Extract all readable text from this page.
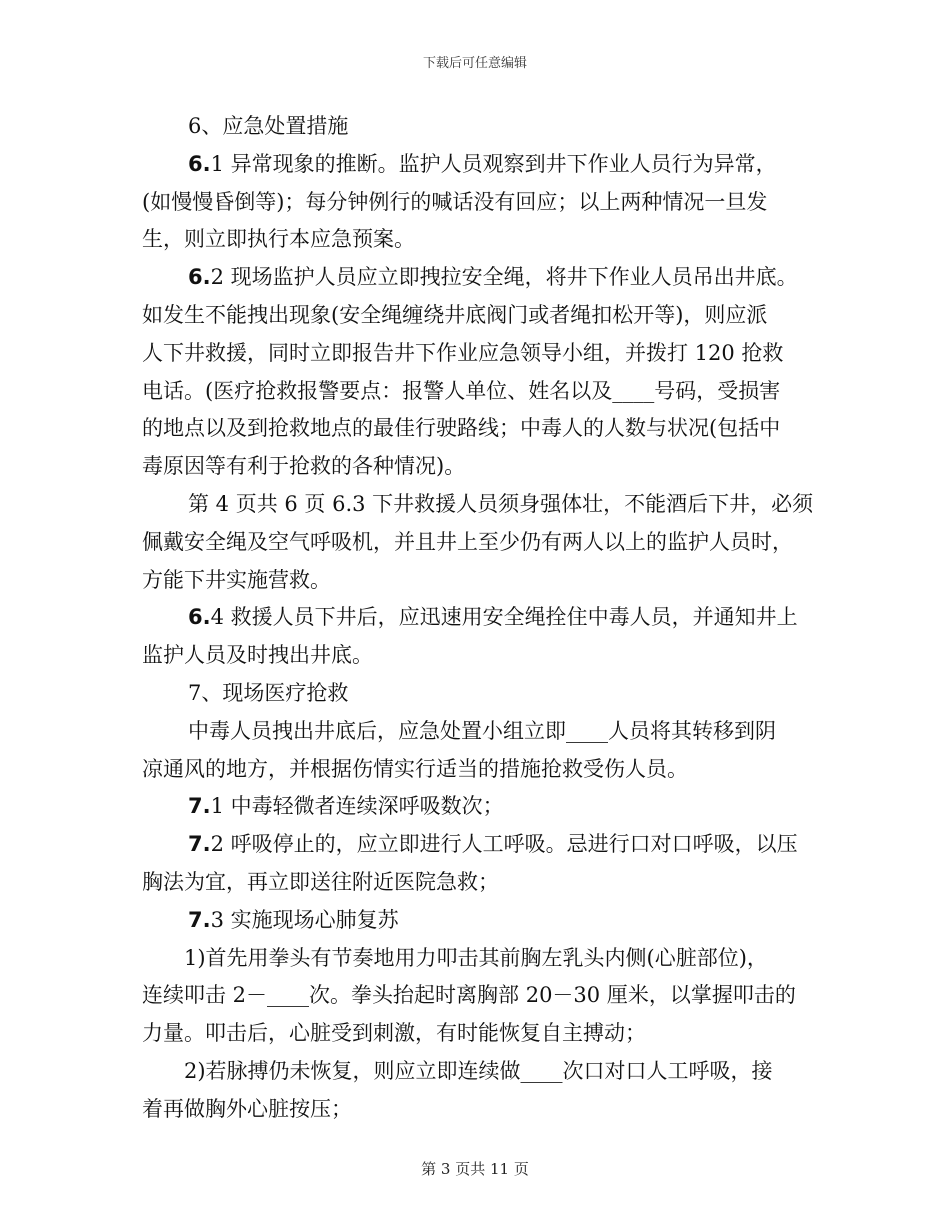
下载后可任意编辑
6、应急处置措施
6.1 异常现象的推断。监护人员观察到井下作业人员行为异常，
(如慢慢昏倒等)；每分钟例行的喊话没有回应；以上两种情况一旦发
生，则立即执行本应急预案。
6.2 现场监护人员应立即拽拉安全绳，将井下作业人员吊出井底。
如发生不能拽出现象(安全绳缠绕井底阀门或者绳扣松开等)，则应派
人下井救援，同时立即报告井下作业应急领导小组，并拨打 120 抢救
电话。(医疗抢救报警要点：报警人单位、姓名以及____号码，受损害
的地点以及到抢救地点的最佳行驶路线；中毒人的人数与状况(包括中
毒原因等有利于抢救的各种情况)。
第 4 页共 6 页 6.3 下井救援人员须身强体壮，不能酒后下井，必须
佩戴安全绳及空气呼吸机，并且井上至少仍有两人以上的监护人员时，
方能下井实施营救。
6.4 救援人员下井后，应迅速用安全绳拴住中毒人员，并通知井上
监护人员及时拽出井底。
7、现场医疗抢救
中毒人员拽出井底后，应急处置小组立即____人员将其转移到阴
凉通风的地方，并根据伤情实行适当的措施抢救受伤人员。
7.1 中毒轻微者连续深呼吸数次；
7.2 呼吸停止的，应立即进行人工呼吸。忌进行口对口呼吸，以压
胸法为宜，再立即送往附近医院急救；
7.3 实施现场心肺复苏
1)首先用拳头有节奏地用力叩击其前胸左乳头内侧(心脏部位)，
连续叩击 2－____次。拳头抬起时离胸部 20－30 厘米，以掌握叩击的
力量。叩击后，心脏受到刺激，有时能恢复自主搏动；
2)若脉搏仍未恢复，则应立即连续做____次口对口人工呼吸，接
着再做胸外心脏按压；
第 3 页共 11 页
